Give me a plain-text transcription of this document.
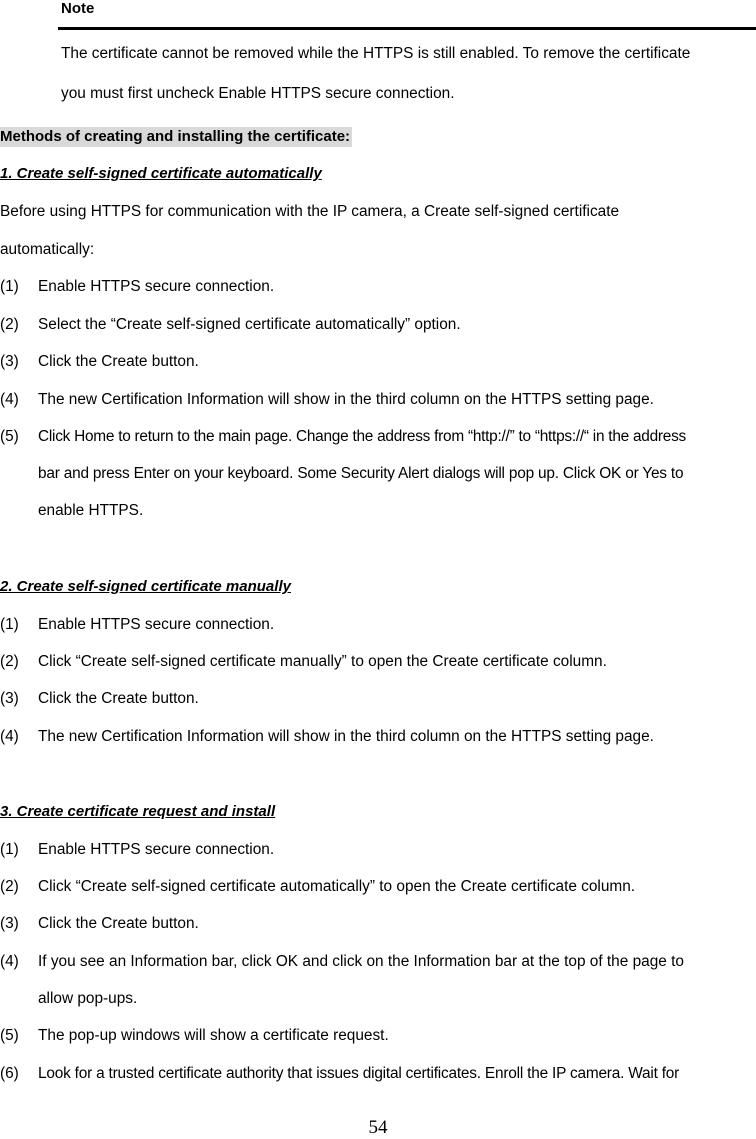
Note
The certificate cannot be removed while the HTTPS is still enabled. To remove the certificate
you must first uncheck Enable HTTPS secure connection.
Methods of creating and installing the certificate:
1. Create self-signed certificate automatically
Before using HTTPS for communication with the IP camera, a Create self-signed certificate
automatically:
(1) Enable HTTPS secure connection.
(2) Select the “Create self-signed certificate automatically” option.
(3) Click the Create button.
(4) The new Certification Information will show in the third column on the HTTPS setting page.
(5) Click Home to return to the main page. Change the address from “http://” to “https://“ in the address
bar and press Enter on your keyboard. Some Security Alert dialogs will pop up. Click OK or Yes to
enable HTTPS.
2. Create self-signed certificate manually
(1) Enable HTTPS secure connection.
(2) Click “Create self-signed certificate manually” to open the Create certificate column.
(3) Click the Create button.
(4) The new Certification Information will show in the third column on the HTTPS setting page.
3. Create certificate request and install
(1) Enable HTTPS secure connection.
(2) Click “Create self-signed certificate automatically” to open the Create certificate column.
(3) Click the Create button.
(4) If you see an Information bar, click OK and click on the Information bar at the top of the page to
allow pop-ups.
(5) The pop-up windows will show a certificate request.
(6) Look for a trusted certificate authority that issues digital certificates. Enroll the IP camera. Wait for
54
